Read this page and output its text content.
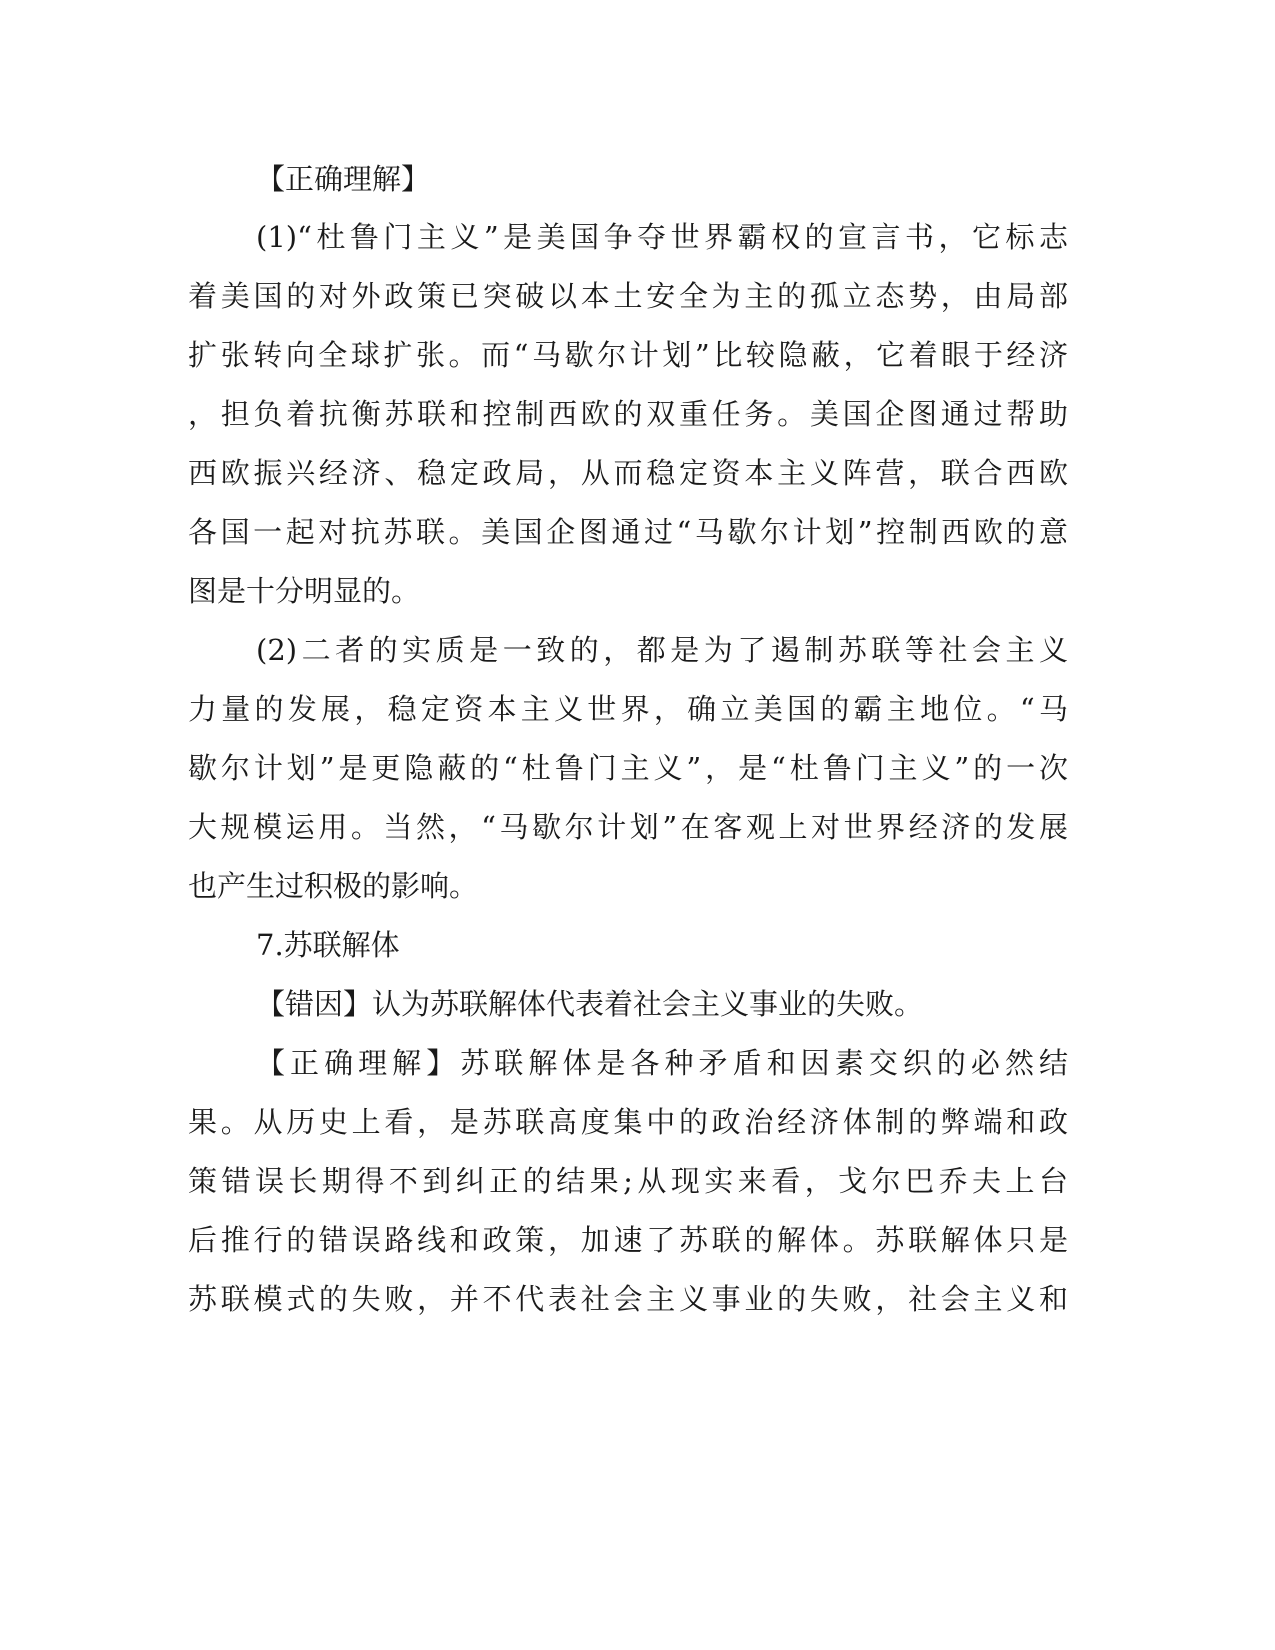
【正确理解】
(1)“杜鲁门主义”是美国争夺世界霸权的宣言书，它标志
着美国的对外政策已突破以本土安全为主的孤立态势，由局部
扩张转向全球扩张。而“马歇尔计划”比较隐蔽，它着眼于经济
，担负着抗衡苏联和控制西欧的双重任务。美国企图通过帮助
西欧振兴经济、稳定政局，从而稳定资本主义阵营，联合西欧
各国一起对抗苏联。美国企图通过“马歇尔计划”控制西欧的意
图是十分明显的。
(2)二者的实质是一致的，都是为了遏制苏联等社会主义
力量的发展，稳定资本主义世界，确立美国的霸主地位。“马
歇尔计划”是更隐蔽的“杜鲁门主义”，是“杜鲁门主义”的一次
大规模运用。当然，“马歇尔计划”在客观上对世界经济的发展
也产生过积极的影响。
7.苏联解体
【错因】认为苏联解体代表着社会主义事业的失败。
【正确理解】苏联解体是各种矛盾和因素交织的必然结
果。从历史上看，是苏联高度集中的政治经济体制的弊端和政
策错误长期得不到纠正的结果;从现实来看，戈尔巴乔夫上台
后推行的错误路线和政策，加速了苏联的解体。苏联解体只是
苏联模式的失败，并不代表社会主义事业的失败，社会主义和
